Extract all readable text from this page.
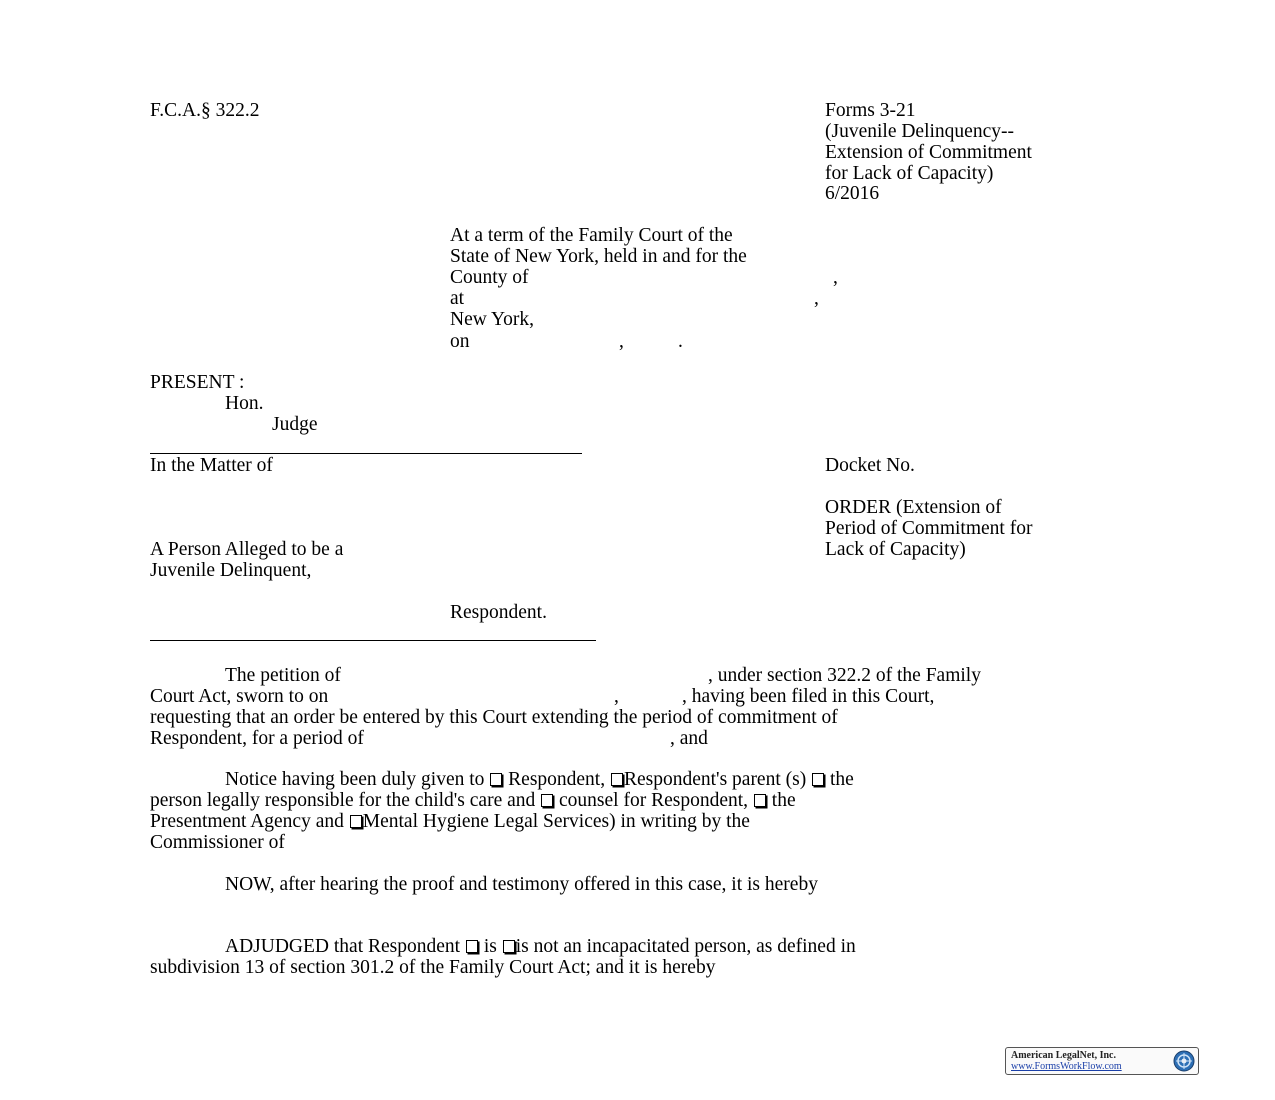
F.C.A.§ 322.2	Forms 3-21
(Juvenile Delinquency--
Extension of Commitment
for Lack of Capacity)
6/2016
At a term of the Family Court of the
State of New York, held in and for the
County of	,
at	,
New York,
on	,	.
PRESENT :
Hon.
Judge
In the Matter of	Docket No.
ORDER (Extension of
Period of Commitment for
Lack of Capacity)
A Person Alleged to be a
Juvenile Delinquent,
Respondent.
The petition of	, under section 322.2 of the Family
Court Act, sworn to on	,	, having been filed in this Court,
requesting that an order be entered by this Court extending the period of commitment of
Respondent, for a period of	, and
Notice having been duly given to Respondent, Respondent's parent (s) the
person legally responsible for the child's care and counsel for Respondent, the
Presentment Agency and Mental Hygiene Legal Services) in writing by the
Commissioner of
NOW, after hearing the proof and testimony offered in this case, it is hereby
ADJUDGED that Respondent is is not an incapacitated person, as defined in
subdivision 13 of section 301.2 of the Family Court Act; and it is hereby
American LegalNet, Inc.
www.FormsWorkFlow.com
